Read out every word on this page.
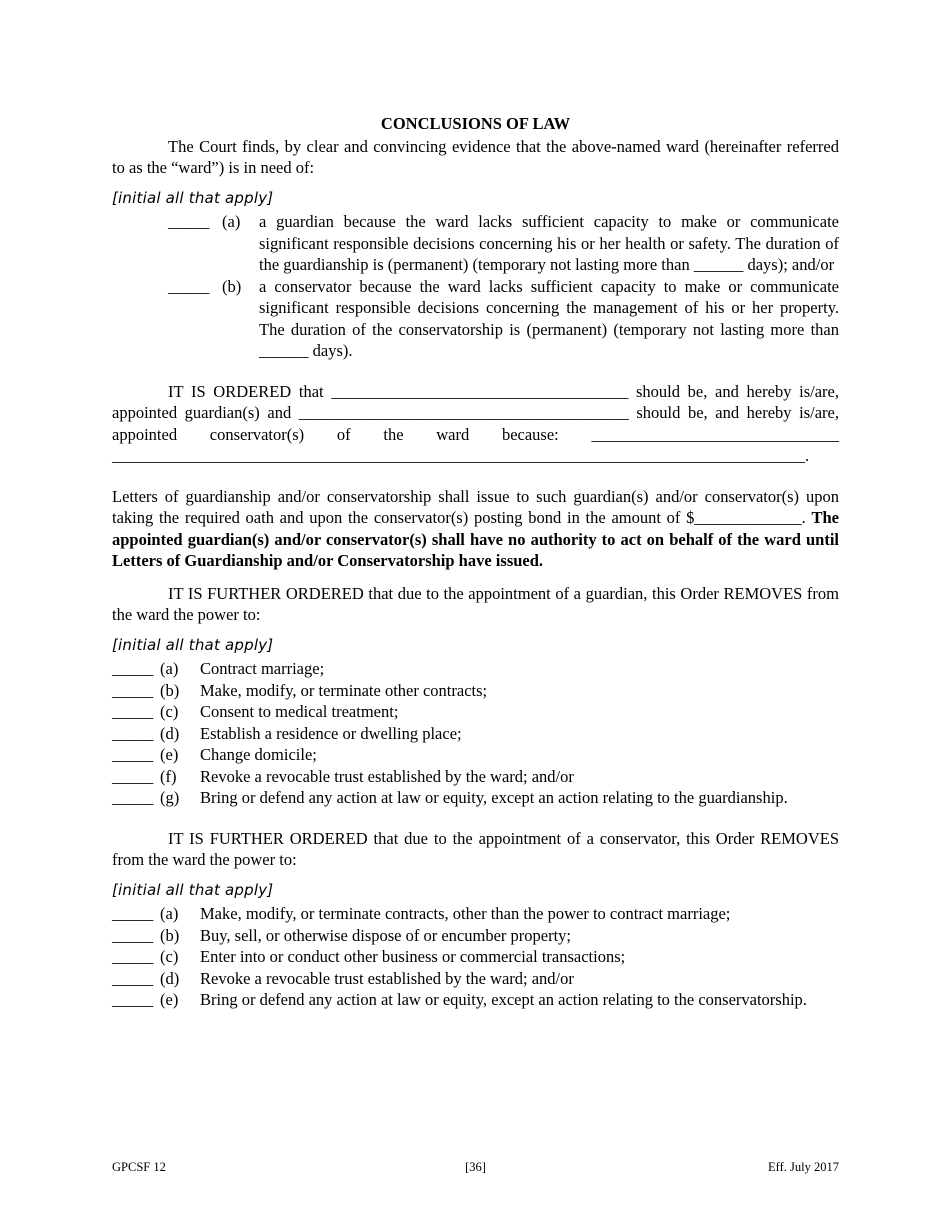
CONCLUSIONS OF LAW
The Court finds, by clear and convincing evidence that the above-named ward (hereinafter referred to as the “ward”) is in need of:
[initial all that apply]
_____ (a)	a guardian because the ward lacks sufficient capacity to make or communicate significant responsible decisions concerning his or her health or safety. The duration of the guardianship is (permanent) (temporary not lasting more than ______ days); and/or
_____ (b)	a conservator because the ward lacks sufficient capacity to make or communicate significant responsible decisions concerning the management of his or her property. The duration of the conservatorship is (permanent) (temporary not lasting more than ______ days).
IT IS ORDERED that ____________________________________ should be, and hereby is/are, appointed guardian(s) and ________________________________________ should be, and hereby is/are, appointed conservator(s) of the ward because: ______________________________ ____________________________________________________________________________________.
Letters of guardianship and/or conservatorship shall issue to such guardian(s) and/or conservator(s) upon taking the required oath and upon the conservator(s) posting bond in the amount of $_____________. The appointed guardian(s) and/or conservator(s) shall have no authority to act on behalf of the ward until Letters of Guardianship and/or Conservatorship have issued.
IT IS FURTHER ORDERED that due to the appointment of a guardian, this Order REMOVES from the ward the power to:
[initial all that apply]
_____ (a)	Contract marriage;
_____ (b)	Make, modify, or terminate other contracts;
_____ (c)	Consent to medical treatment;
_____ (d)	Establish a residence or dwelling place;
_____ (e)	Change domicile;
_____ (f)	Revoke a revocable trust established by the ward; and/or
_____ (g)	Bring or defend any action at law or equity, except an action relating to the guardianship.
IT IS FURTHER ORDERED that due to the appointment of a conservator, this Order REMOVES from the ward the power to:
[initial all that apply]
_____ (a)	Make, modify, or terminate contracts, other than the power to contract marriage;
_____ (b)	Buy, sell, or otherwise dispose of or encumber property;
_____ (c)	Enter into or conduct other business or commercial transactions;
_____ (d)	Revoke a revocable trust established by the ward; and/or
_____ (e)	Bring or defend any action at law or equity, except an action relating to the conservatorship.
GPCSF 12	[36]	Eff. July 2017
